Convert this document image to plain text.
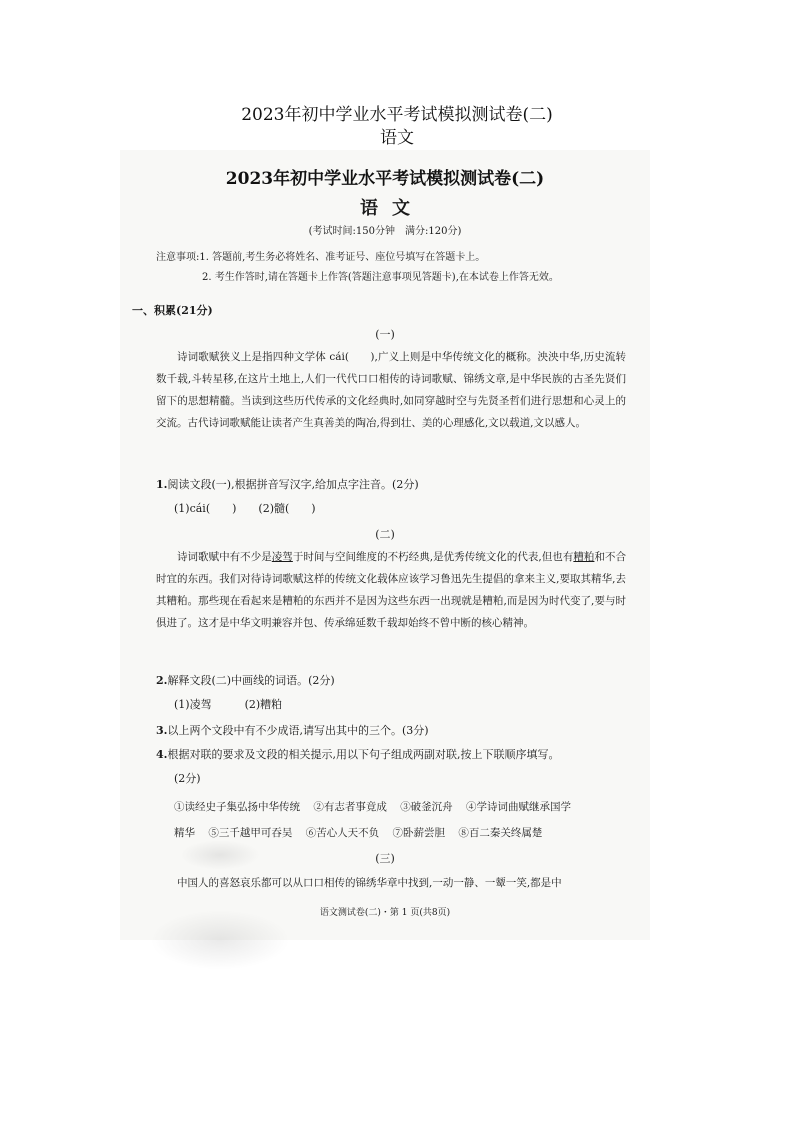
2023年初中学业水平考试模拟测试卷(二)
语文
2023年初中学业水平考试模拟测试卷(二)
语文
(考试时间:150分钟　满分:120分)
注意事项:1. 答题前,考生务必将姓名、准考证号、座位号填写在答题卡上。
2. 考生作答时,请在答题卡上作答(答题注意事项见答题卡),在本试卷上作答无效。
一、积累(21分)
(一)
诗词歌赋狭义上是指四种文学体 cái(　　),广义上则是中华传统文化的概称。泱泱中华,历史流转数千载,斗转星移,在这片土地上,人们一代代口口相传的诗词歌赋、锦绣文章,是中华民族的古圣先贤们留下的思想精髓。当读到这些历代传承的文化经典时,如同穿越时空与先贤圣哲们进行思想和心灵上的交流。古代诗词歌赋能让读者产生真善美的陶冶,得到壮、美的心理感化,文以载道,文以感人。
1.阅读文段(一),根据拼音写汉字,给加点字注音。(2分)
(1)cái(　　)　　(2)髓(　　)
(二)
诗词歌赋中有不少是凌驾于时间与空间维度的不朽经典,是优秀传统文化的代表,但也有糟粕和不合时宜的东西。我们对待诗词歌赋这样的传统文化载体应该学习鲁迅先生提倡的拿来主义,要取其精华,去其糟粕。那些现在看起来是糟粕的东西并不是因为这些东西一出现就是糟粕,而是因为时代变了,要与时俱进了。这才是中华文明兼容并包、传承绵延数千载却始终不曾中断的核心精神。
2.解释文段(二)中画线的词语。(2分)
(1)凌驾　　　(2)糟粕
3.以上两个文段中有不少成语,请写出其中的三个。(3分)
4.根据对联的要求及文段的相关提示,用以下句子组成两副对联,按上下联顺序填写。
(2分)
①读经史子集弘扬中华传统 ②有志者事竟成 ③破釜沉舟 ④学诗词曲赋继承国学
精华 ⑤三千越甲可吞吴 ⑥苦心人天不负 ⑦卧薪尝胆 ⑧百二秦关终属楚
(三)
中国人的喜怒哀乐都可以从口口相传的锦绣华章中找到,一动一静、一颦一笑,都是中
语文测试卷(二)・第 1 页(共8页)
